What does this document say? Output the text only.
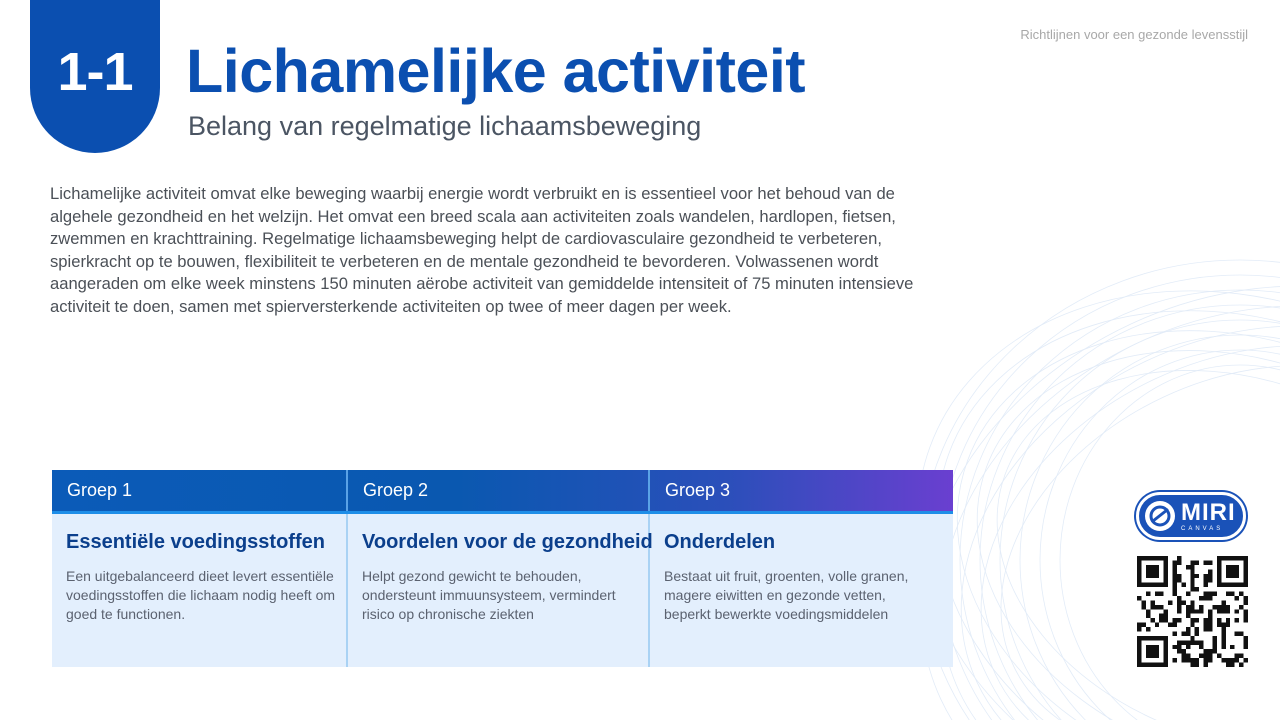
Richtlijnen voor een gezonde levensstijl
1-1 Lichamelijke activiteit
Belang van regelmatige lichaamsbeweging

Lichamelijke activiteit omvat elke beweging waarbij energie wordt verbruikt en is essentieel voor het behoud van de algehele gezondheid en het welzijn. Het omvat een breed scala aan activiteiten zoals wandelen, hardlopen, fietsen, zwemmen en krachttraining. Regelmatige lichaamsbeweging helpt de cardiovasculaire gezondheid te verbeteren, spierkracht op te bouwen, flexibiliteit te verbeteren en de mentale gezondheid te bevorderen. Volwassenen wordt aangeraden om elke week minstens 150 minuten aërobe activiteit van gemiddelde intensiteit of 75 minuten intensieve activiteit te doen, samen met spierversterkende activiteiten op twee of meer dagen per week.

Groep 1	Groep 2	Groep 3
Essentiële voedingsstoffen

Een uitgebalanceerd dieet levert essentiële voedingsstoffen die lichaam nodig heeft om goed te functionen.

Voordelen voor de gezondheid

Helpt gezond gewicht te behouden, ondersteunt immuunsysteem, vermindert risico op chronische ziekten

Onderdelen

Bestaat uit fruit, groenten, volle granen, magere eiwitten en gezonde vetten, beperkt bewerkte voedingsmiddelen

MIRI
CANVAS
